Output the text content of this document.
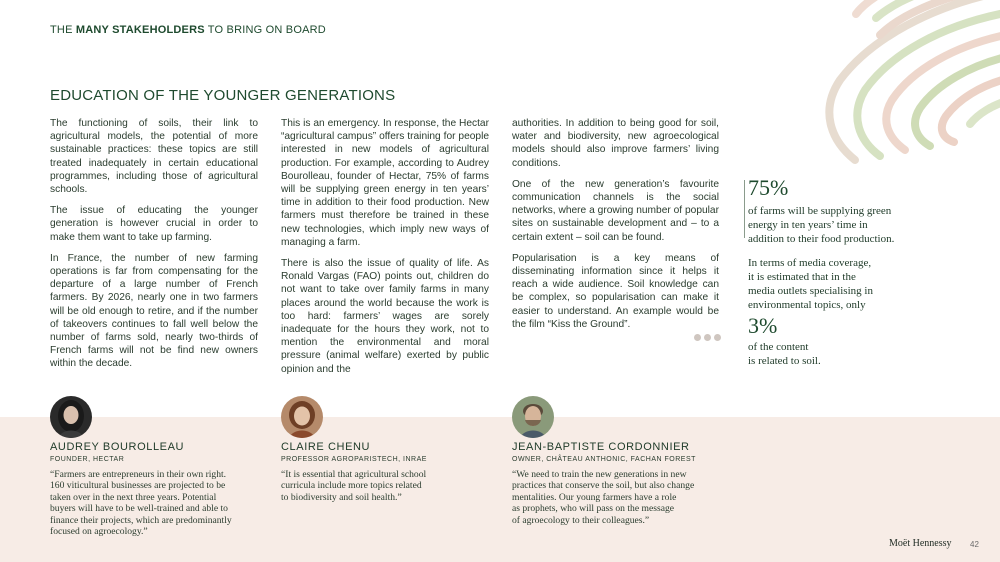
THE MANY STAKEHOLDERS TO BRING ON BOARD
EDUCATION OF THE YOUNGER GENERATIONS

The functioning of soils, their link to agricultural models, the potential of more sustainable practices: these topics are still treated inadequately in certain educational programmes, including those of agricultural schools.

The issue of educating the younger generation is however crucial in order to make them want to take up farming.

In France, the number of new farming operations is far from compensating for the departure of a large number of French farmers. By 2026, nearly one in two farmers will be old enough to retire, and if the number of takeovers continues to fall well below the number of farms sold, nearly two-thirds of French farms will not be find new owners within the decade.

This is an emergency. In response, the Hectar “agricultural campus” offers training for people interested in new models of agricultural production. For example, according to Audrey Bourolleau, founder of Hectar, 75% of farms will be supplying green energy in ten years’ time in addition to their food production. New farmers must therefore be trained in these new technologies, which imply new ways of managing a farm.

There is also the issue of quality of life. As Ronald Vargas (FAO) points out, children do not want to take over family farms in many places around the world because the work is too hard: farmers’ wages are sorely inadequate for the hours they work, not to mention the environmental and moral pressure (animal welfare) exerted by public opinion and the

authorities. In addition to being good for soil, water and biodiversity, new agroecological models should also improve farmers’ living conditions.

One of the new generation’s favourite communication channels is the social networks, where a growing number of popular sites on sustainable development and – to a certain extent – soil can be found.

Popularisation is a key means of disseminating information since it helps it reach a wide audience. Soil knowledge can be complex, so popularisation can make it easier to understand. An example would be the film “Kiss the Ground”.

75%
of farms will be supplying green
energy in ten years’ time in
addition to their food production.
In terms of media coverage,
it is estimated that in the
media outlets specialising in
environmental topics, only
3%
of the content
is related to soil.
AUDREY BOUROLLEAU
FOUNDER, HECTAR
“Farmers are entrepreneurs in their own right.
160 viticultural businesses are projected to be
taken over in the next three years. Potential
buyers will have to be well-trained and able to
finance their projects, which are predominantly
focused on agroecology.”
CLAIRE CHENU
PROFESSOR AGROPARISTECH, INRAE
“It is essential that agricultural school
curricula include more topics related
to biodiversity and soil health.”
JEAN-BAPTISTE CORDONNIER
OWNER, CHÂTEAU ANTHONIC, FACHAN FOREST
“We need to train the new generations in new
practices that conserve the soil, but also change
mentalities. Our young farmers have a role
as prophets, who will pass on the message
of agroecology to their colleagues.”
Moët Hennessy 42
